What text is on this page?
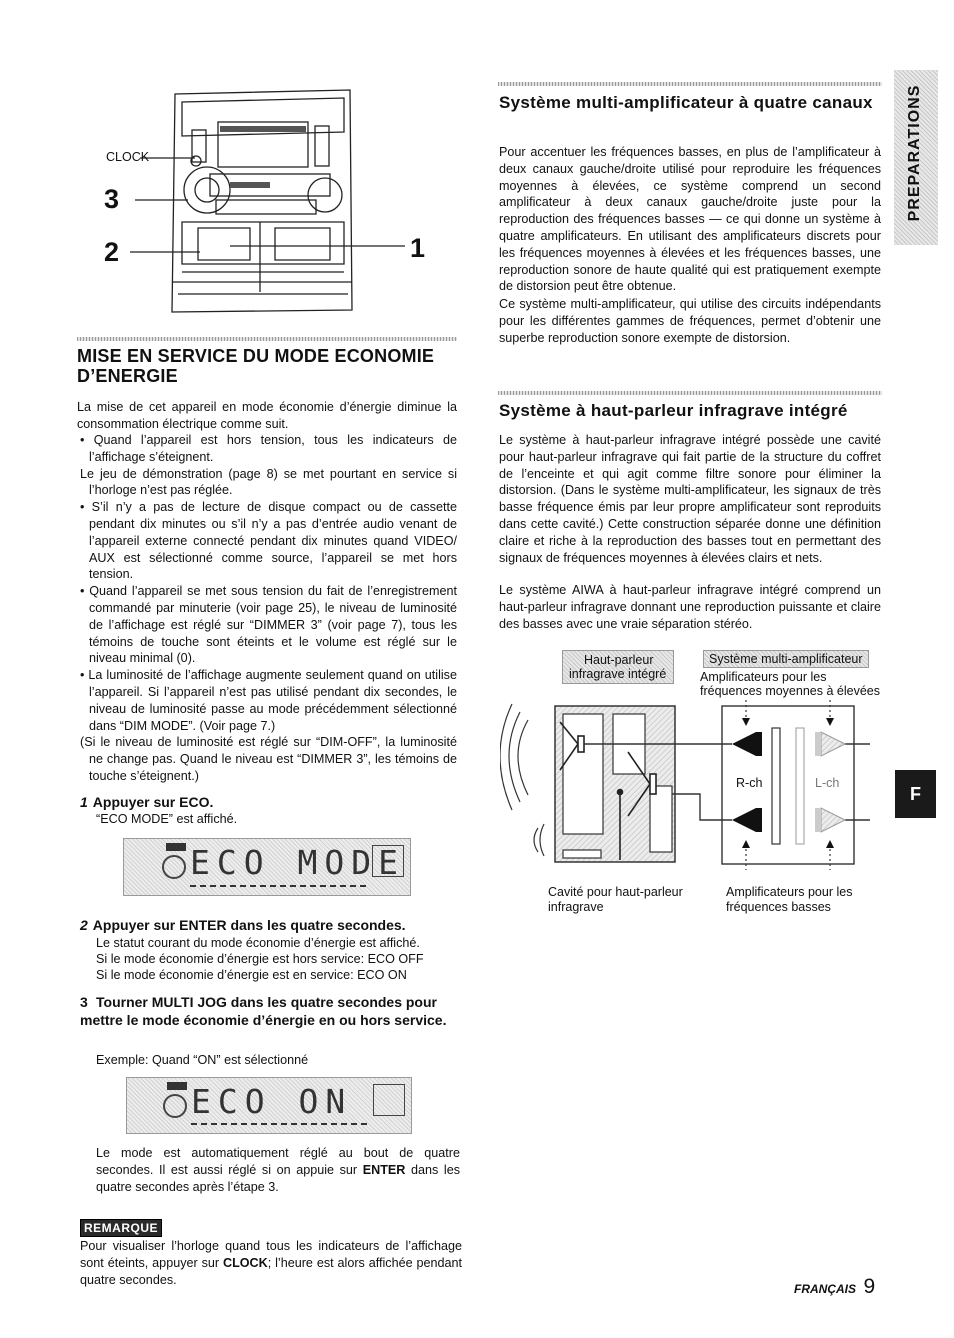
CLOCK
3
2	1
MISE EN SERVICE DU MODE ECONOMIE D’ENERGIE

La mise de cet appareil en mode économie d’énergie diminue la consommation électrique comme suit.

• Quand l’appareil est hors tension, tous les indicateurs de l’affichage s’éteignent.
Le jeu de démonstration (page 8) se met pourtant en service si l’horloge n’est pas réglée.
• S’il n’y a pas de lecture de disque compact ou de cassette pendant dix minutes ou s’il n’y a pas d’entrée audio venant de l’appareil externe connecté pendant dix minutes quand VIDEO/ AUX est sélectionné comme source, l’appareil se met hors tension.
• Quand l’appareil se met sous tension du fait de l’enregistrement commandé par minuterie (voir page 25), le niveau de luminosité de l’affichage est réglé sur “DIMMER 3” (voir page 7), tous les témoins de touche sont éteints et le volume est réglé sur le niveau minimal (0).
• La luminosité de l’affichage augmente seulement quand on utilise l’appareil. Si l’appareil n’est pas utilisé pendant dix secondes, le niveau de luminosité passe au mode précédemment sélectionné dans “DIM MODE”. (Voir page 7.)
(Si le niveau de luminosité est réglé sur “DIM-OFF”, la luminosité ne change pas. Quand le niveau est “DIMMER 3”, les témoins de touche s’éteignent.)
1 Appuyer sur ECO.

“ECO MODE” est affiché.

ECO MODE
2 Appuyer sur ENTER dans les quatre secondes.

Le statut courant du mode économie d’énergie est affiché.

Si le mode économie d’énergie est hors service: ECO OFF

Si le mode économie d’énergie est en service: ECO ON

3 Tourner MULTI JOG dans les quatre secondes pour mettre le mode économie d’énergie en ou hors service.

Exemple: Quand “ON” est sélectionné

ECO ON

Le mode est automatiquement réglé au bout de quatre secondes. Il est aussi réglé si on appuie sur ENTER dans les quatre secondes après l’étape 3.

REMARQUE

Pour visualiser l’horloge quand tous les indicateurs de l’affichage sont éteints, appuyer sur CLOCK; l’heure est alors affichée pendant quatre secondes.

Système multi-amplificateur à quatre canaux

Pour accentuer les fréquences basses, en plus de l’amplificateur à deux canaux gauche/droite utilisé pour reproduire les fréquences moyennes à élevées, ce système comprend un second amplificateur à deux canaux gauche/droite juste pour la reproduction des fréquences basses — ce qui donne un système à quatre amplificateurs. En utilisant des amplificateurs discrets pour les fréquences moyennes à élevées et les fréquences basses, une reproduction sonore de haute qualité qui est pratiquement exempte de distorsion peut être obtenue.

Ce système multi-amplificateur, qui utilise des circuits indépendants pour les différentes gammes de fréquences, permet d’obtenir une superbe reproduction sonore exempte de distorsion.

Système à haut-parleur infragrave intégré

Le système à haut-parleur infragrave intégré possède une cavité pour haut-parleur infragrave qui fait partie de la structure du coffret de l’enceinte et qui agit comme filtre sonore pour éliminer la distorsion. (Dans le système multi-amplificateur, les signaux de très basse fréquence émis par leur propre amplificateur sont reproduits dans cette cavité.) Cette construction séparée donne une définition claire et riche à la reproduction des basses tout en permettant des signaux de fréquences moyennes à élevées clairs et nets.

Le système AIWA à haut-parleur infragrave intégré comprend un haut-parleur infragrave donnant une reproduction puissante et claire des basses avec une vraie séparation stéréo.

Haut-parleur
infragrave intégré
Système multi-amplificateur
Amplificateurs pour les
fréquences moyennes à élevées
R-ch	L-ch
Cavité pour haut-parleur
infragrave
Amplificateurs pour les
fréquences basses
PREPARATIONS
F
FRANÇAIS 9
